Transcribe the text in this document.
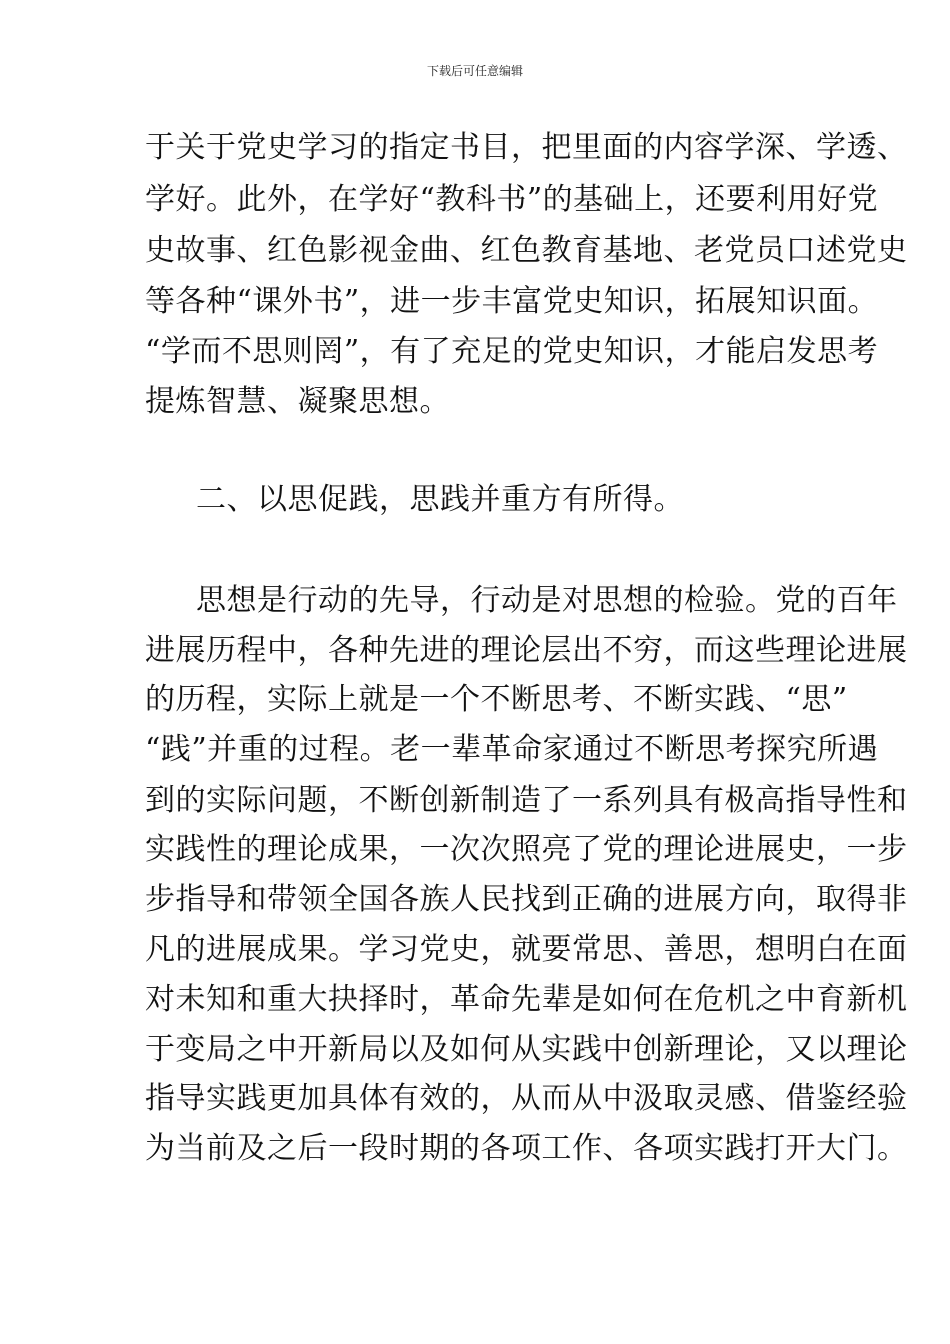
下载后可任意编辑
于关于党史学习的指定书目，把里面的内容学深、学透、
学好。此外，在学好“教科书”的基础上，还要利用好党
史故事、红色影视金曲、红色教育基地、老党员口述党史
等各种“课外书”，进一步丰富党史知识，拓展知识面。
“学而不思则罔”，有了充足的党史知识，才能启发思考
提炼智慧、凝聚思想。
二、以思促践，思践并重方有所得。
思想是行动的先导，行动是对思想的检验。党的百年
进展历程中，各种先进的理论层出不穷，而这些理论进展
的历程，实际上就是一个不断思考、不断实践、“思”
“践”并重的过程。老一辈革命家通过不断思考探究所遇
到的实际问题，不断创新制造了一系列具有极高指导性和
实践性的理论成果，一次次照亮了党的理论进展史，一步
步指导和带领全国各族人民找到正确的进展方向，取得非
凡的进展成果。学习党史，就要常思、善思，想明白在面
对未知和重大抉择时，革命先辈是如何在危机之中育新机
于变局之中开新局以及如何从实践中创新理论，又以理论
指导实践更加具体有效的，从而从中汲取灵感、借鉴经验
为当前及之后一段时期的各项工作、各项实践打开大门。
